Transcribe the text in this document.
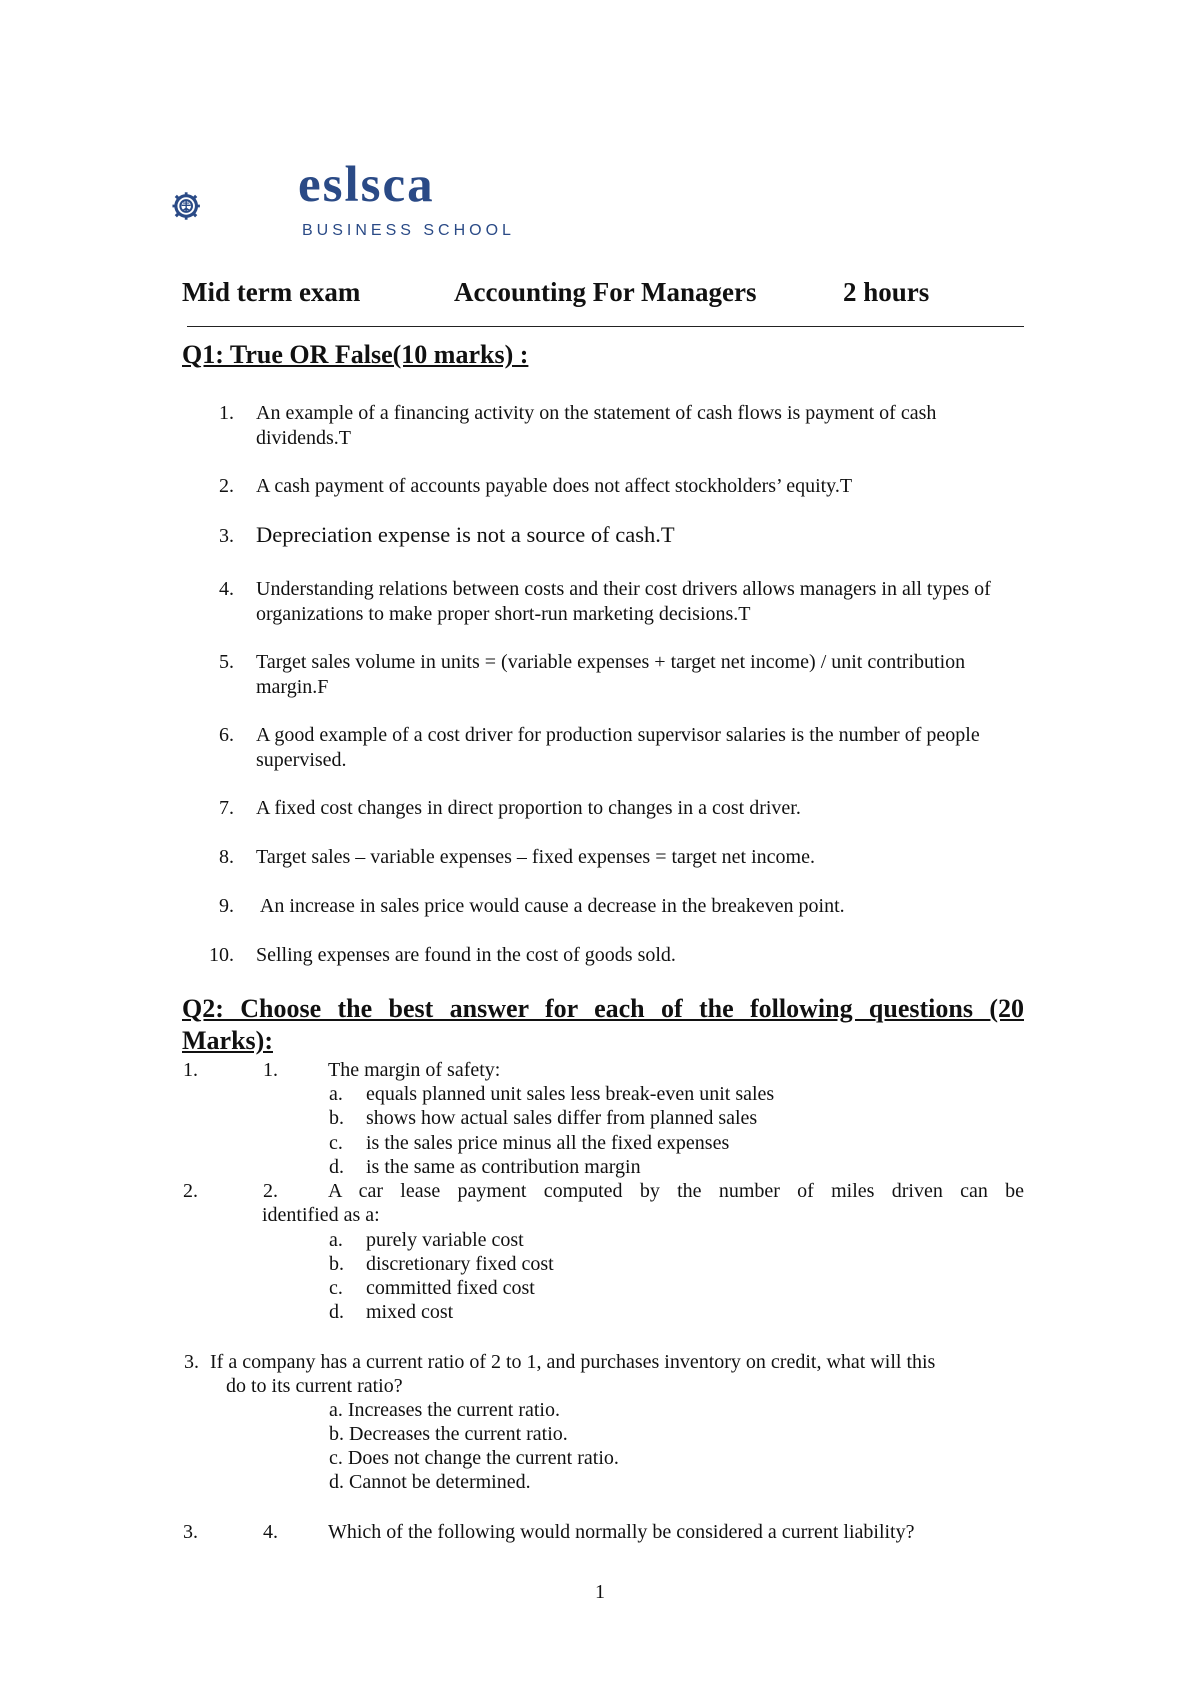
eslsca
BUSINESS SCHOOL
Mid term exam	Accounting For Managers	2 hours
Q1: True OR False(10 marks) :
1. An example of a financing activity on the statement of cash flows is payment of cash dividends.T
2. A cash payment of accounts payable does not affect stockholders’ equity.T
3. Depreciation expense is not a source of cash.T
4. Understanding relations between costs and their cost drivers allows managers in all types of organizations to make proper short-run marketing decisions.T
5. Target sales volume in units = (variable expenses + target net income) / unit contribution margin.F
6. A good example of a cost driver for production supervisor salaries is the number of people supervised.
7. A fixed cost changes in direct proportion to changes in a cost driver.
8. Target sales – variable expenses – fixed expenses = target net income.
9. An increase in sales price would cause a decrease in the breakeven point.
10. Selling expenses are found in the cost of goods sold.
Q2: Choose the best answer for each of the following questions (20
Marks):
1.	1.	The margin of safety:
a. equals planned unit sales less break-even unit sales
b. shows how actual sales differ from planned sales
c. is the sales price minus all the fixed expenses
d. is the same as contribution margin
2.	2.	A car lease payment computed by the number of miles driven can be
identified as a:
a. purely variable cost
b. discretionary fixed cost
c. committed fixed cost
d. mixed cost
3. If a company has a current ratio of 2 to 1, and purchases inventory on credit, what will this
do to its current ratio?
a. Increases the current ratio.
b. Decreases the current ratio.
c. Does not change the current ratio.
d. Cannot be determined.
3.	4.	Which of the following would normally be considered a current liability?
1
